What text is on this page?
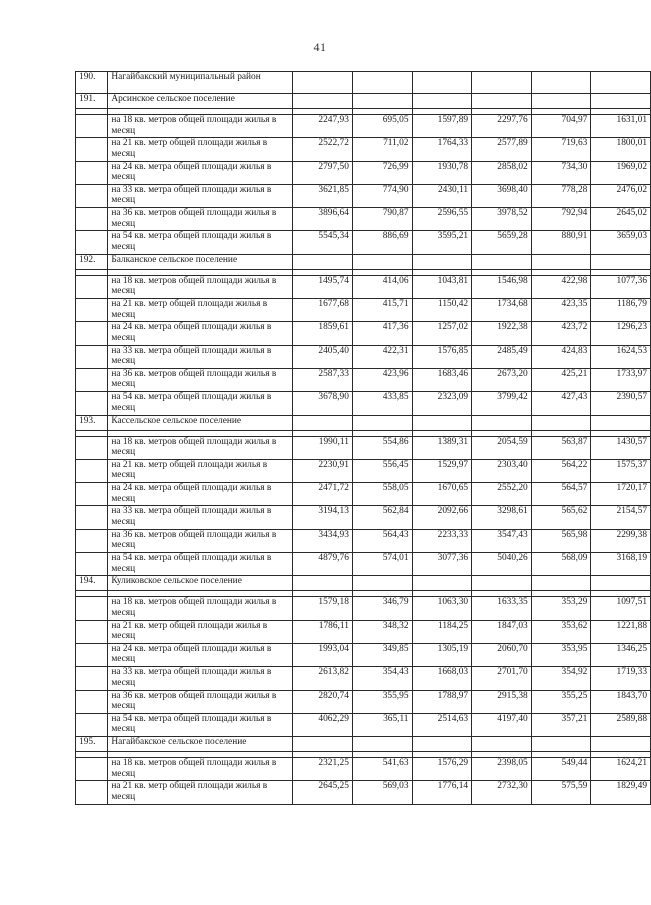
41
190.	Нагайбакский муниципальный район						
191.	Арсинское сельское поселение						

	на 18 кв. метров общей площади жилья в месяц	2247,93	695,05	1597,89	2297,76	704,97	1631,01
	на 21 кв. метр общей площади жилья в месяц	2522,72	711,02	1764,33	2577,89	719,63	1800,01
	на 24 кв. метра общей площади жилья в месяц	2797,50	726,99	1930,78	2858,02	734,30	1969,02
	на 33 кв. метра общей площади жилья в месяц	3621,85	774,90	2430,11	3698,40	778,28	2476,02
	на 36 кв. метров общей площади жилья в месяц	3896,64	790,87	2596,55	3978,52	792,94	2645,02
	на 54 кв. метра общей площади жилья в месяц	5545,34	886,69	3595,21	5659,28	880,91	3659,03
192.	Балканское сельское поселение						

	на 18 кв. метров общей площади жилья в месяц	1495,74	414,06	1043,81	1546,98	422,98	1077,36
	на 21 кв. метр общей площади жилья в месяц	1677,68	415,71	1150,42	1734,68	423,35	1186,79
	на 24 кв. метра общей площади жилья в месяц	1859,61	417,36	1257,02	1922,38	423,72	1296,23
	на 33 кв. метра общей площади жилья в месяц	2405,40	422,31	1576,85	2485,49	424,83	1624,53
	на 36 кв. метров общей площади жилья в месяц	2587,33	423,96	1683,46	2673,20	425,21	1733,97
	на 54 кв. метра общей площади жилья в месяц	3678,90	433,85	2323,09	3799,42	427,43	2390,57
193.	Кассельское сельское поселение						

	на 18 кв. метров общей площади жилья в месяц	1990,11	554,86	1389,31	2054,59	563,87	1430,57
	на 21 кв. метр общей площади жилья в месяц	2230,91	556,45	1529,97	2303,40	564,22	1575,37
	на 24 кв. метра общей площади жилья в месяц	2471,72	558,05	1670,65	2552,20	564,57	1720,17
	на 33 кв. метра общей площади жилья в месяц	3194,13	562,84	2092,66	3298,61	565,62	2154,57
	на 36 кв. метров общей площади жилья в месяц	3434,93	564,43	2233,33	3547,43	565,98	2299,38
	на 54 кв. метра общей площади жилья в месяц	4879,76	574,01	3077,36	5040,26	568,09	3168,19
194.	Куликовское сельское поселение						

	на 18 кв. метров общей площади жилья в месяц	1579,18	346,79	1063,30	1633,35	353,29	1097,51
	на 21 кв. метр общей площади жилья в месяц	1786,11	348,32	1184,25	1847,03	353,62	1221,88
	на 24 кв. метра общей площади жилья в месяц	1993,04	349,85	1305,19	2060,70	353,95	1346,25
	на 33 кв. метра общей площади жилья в месяц	2613,82	354,43	1668,03	2701,70	354,92	1719,33
	на 36 кв. метров общей площади жилья в месяц	2820,74	355,95	1788,97	2915,38	355,25	1843,70
	на 54 кв. метра общей площади жилья в месяц	4062,29	365,11	2514,63	4197,40	357,21	2589,88
195.	Нагайбакское сельское поселение						

	на 18 кв. метров общей площади жилья в месяц	2321,25	541,63	1576,29	2398,05	549,44	1624,21
	на 21 кв. метр общей площади жилья в месяц	2645,25	569,03	1776,14	2732,30	575,59	1829,49
